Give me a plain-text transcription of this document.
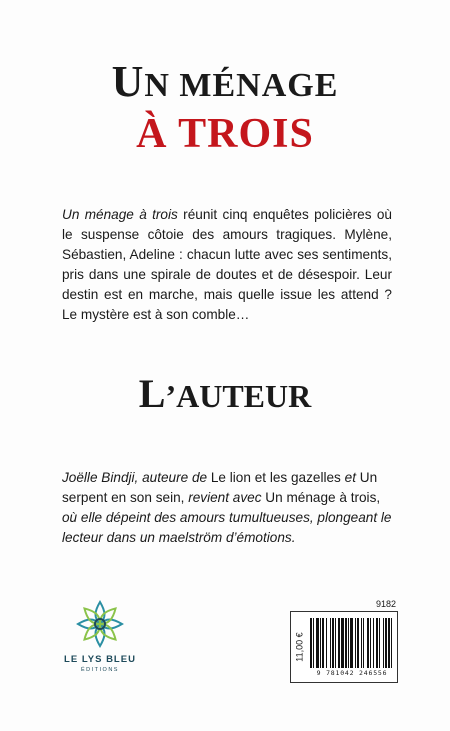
UN MÉNAGE
À TROIS

Un ménage à trois réunit cinq enquêtes policières où le suspense côtoie des amours tragiques. Mylène, Sébastien, Adeline : chacun lutte avec ses sentiments, pris dans une spirale de doutes et de désespoir. Leur destin est en marche, mais quelle issue les attend ? Le mystère est à son comble…

L’AUTEUR

Joëlle Bindji, auteure de Le lion et les gazelles et Un serpent en son sein, revient avec Un ménage à trois, où elle dépeint des amours tumultueuses, plongeant le lecteur dans un maelström d’émotions.

LE LYS BLEU
ÉDITIONS
9182
11,00 €
9 781042 246556
